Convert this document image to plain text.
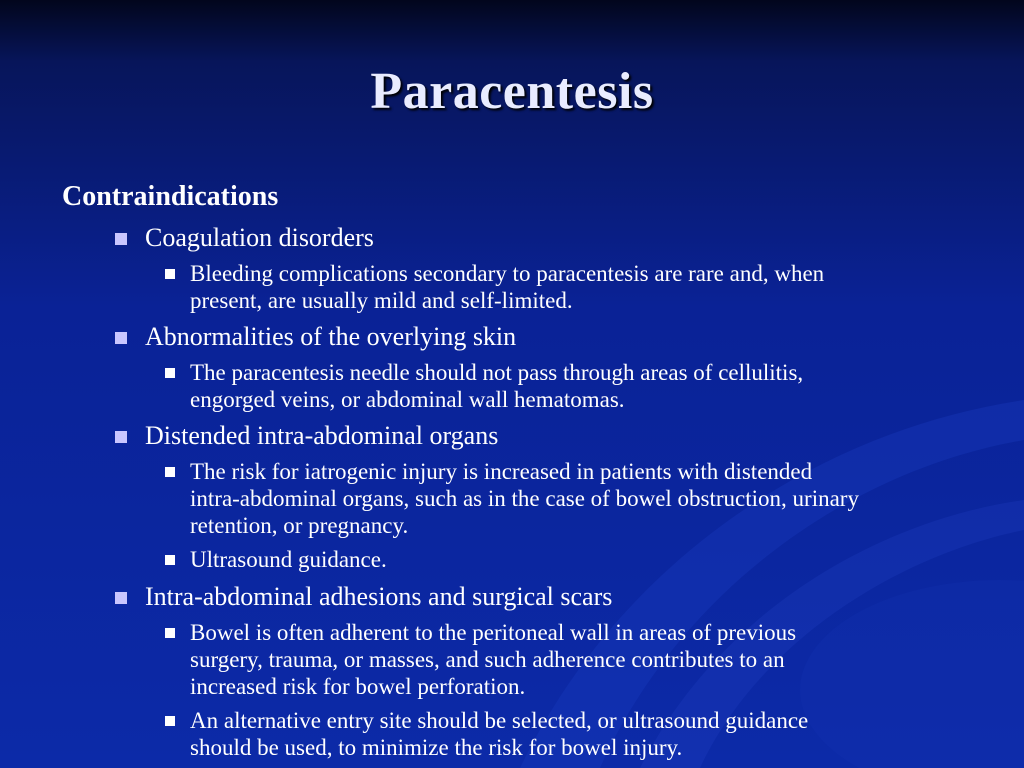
Paracentesis
Contraindications
Coagulation disorders
Bleeding complications secondary to paracentesis are rare and, when
present, are usually mild and self-limited.
Abnormalities of the overlying skin
The paracentesis needle should not pass through areas of cellulitis,
engorged veins, or abdominal wall hematomas.
Distended intra-abdominal organs
The risk for iatrogenic injury is increased in patients with distended
intra-abdominal organs, such as in the case of bowel obstruction, urinary
retention, or pregnancy.
Ultrasound guidance.
Intra-abdominal adhesions and surgical scars
Bowel is often adherent to the peritoneal wall in areas of previous
surgery, trauma, or masses, and such adherence contributes to an
increased risk for bowel perforation.
An alternative entry site should be selected, or ultrasound guidance
should be used, to minimize the risk for bowel injury.
